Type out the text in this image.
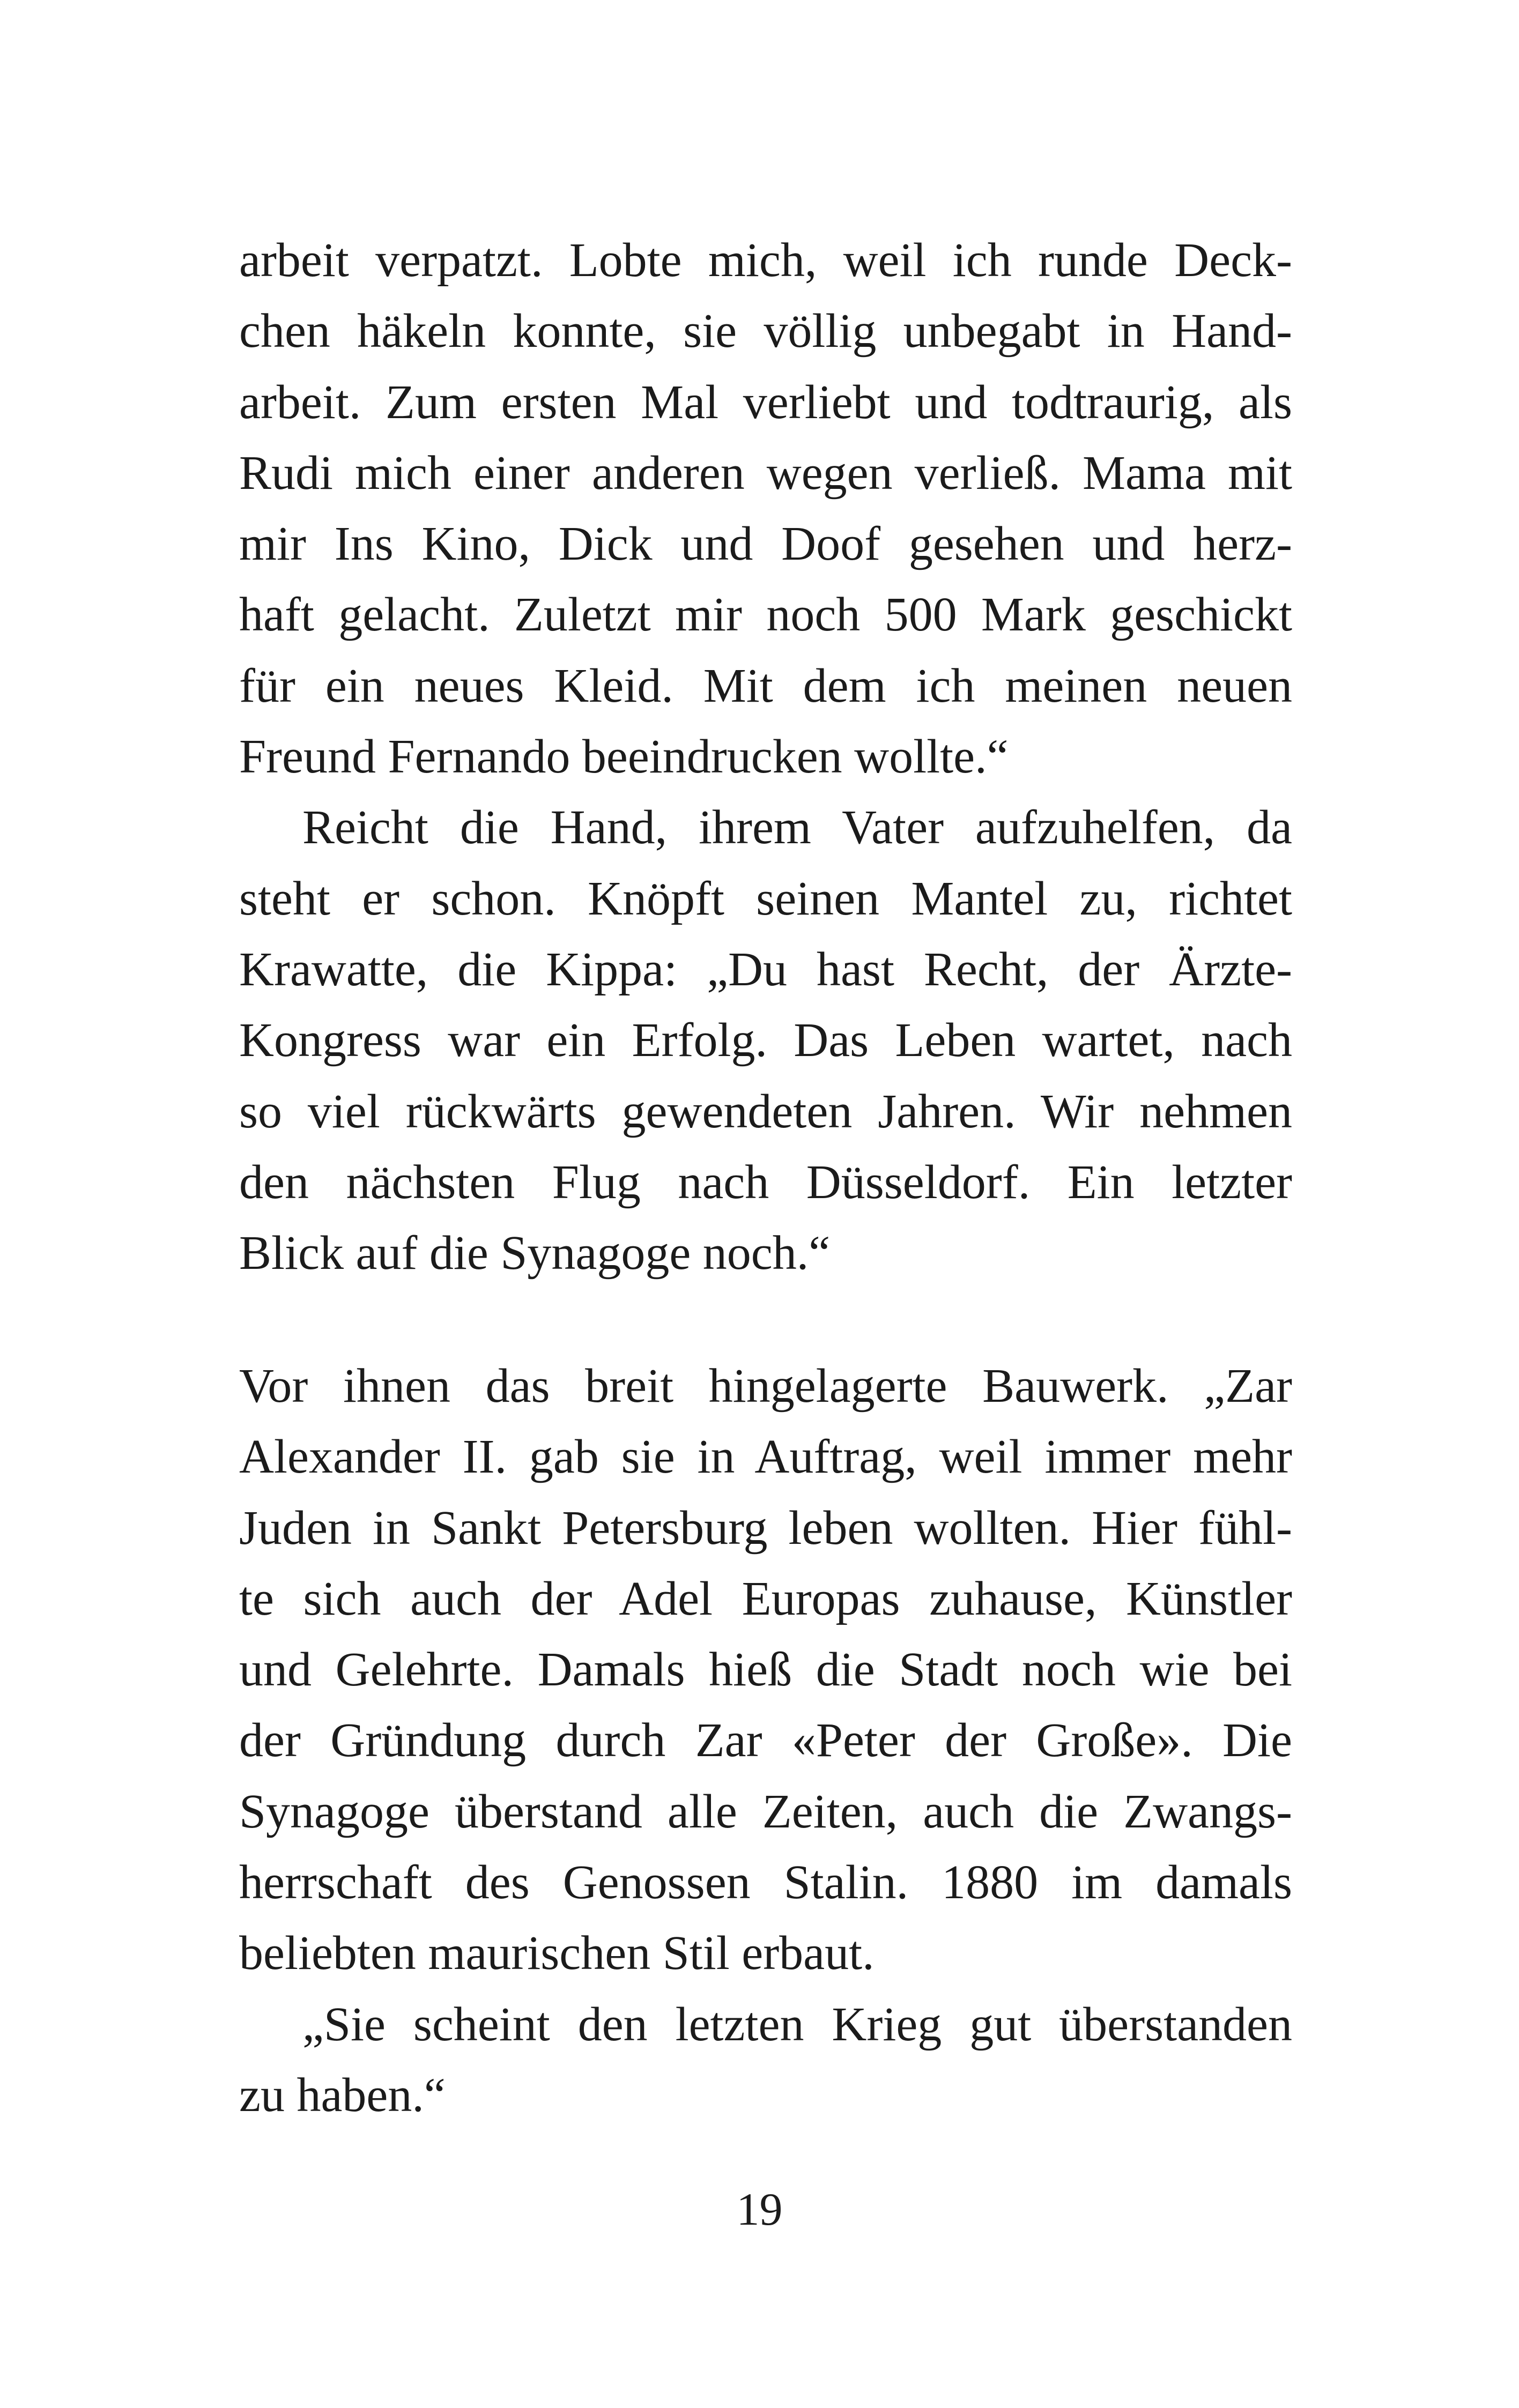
arbeit verpatzt. Lobte mich, weil ich runde Deck-
chen häkeln konnte, sie völlig unbegabt in Hand-
arbeit. Zum ersten Mal verliebt und todtraurig, als
Rudi mich einer anderen wegen verließ. Mama mit
mir Ins Kino, Dick und Doof gesehen und herz-
haft gelacht. Zuletzt mir noch 500 Mark geschickt
für ein neues Kleid. Mit dem ich meinen neuen
Freund Fernando beeindrucken wollte.“
Reicht die Hand, ihrem Vater aufzuhelfen, da
steht er schon. Knöpft seinen Mantel zu, richtet
Krawatte, die Kippa: „Du hast Recht, der Ärzte-
Kongress war ein Erfolg. Das Leben wartet, nach
so viel rückwärts gewendeten Jahren. Wir nehmen
den nächsten Flug nach Düsseldorf. Ein letzter
Blick auf die Synagoge noch.“
Vor ihnen das breit hingelagerte Bauwerk. „Zar
Alexander II. gab sie in Auftrag, weil immer mehr
Juden in Sankt Petersburg leben wollten. Hier fühl-
te sich auch der Adel Europas zuhause, Künstler
und Gelehrte. Damals hieß die Stadt noch wie bei
der Gründung durch Zar «Peter der Große». Die
Synagoge überstand alle Zeiten, auch die Zwangs-
herrschaft des Genossen Stalin. 1880 im damals
beliebten maurischen Stil erbaut.
„Sie scheint den letzten Krieg gut überstanden
zu haben.“
19
